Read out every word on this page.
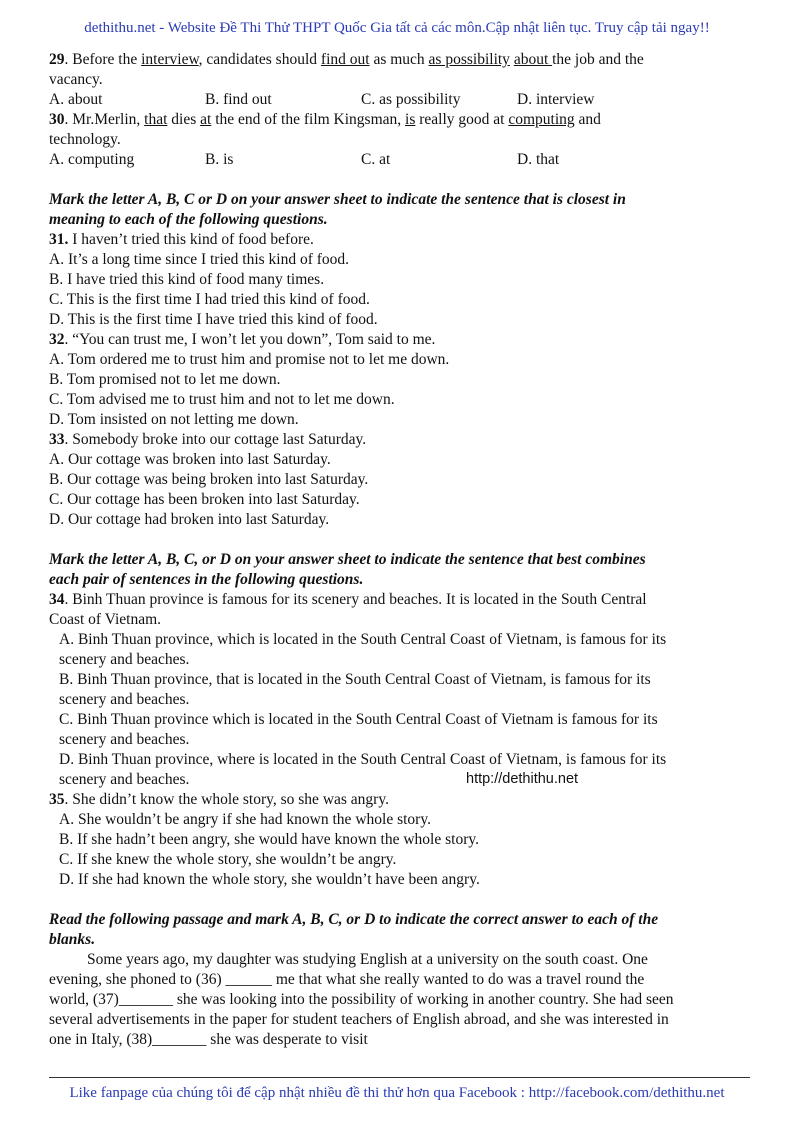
dethithu.net - Website Đề Thi Thử THPT Quốc Gia tất cả các môn.Cập nhật liên tục. Truy cập tải ngay!!
29. Before the interview, candidates should find out as much as possibility about the job and the
vacancy.
A. about	B. find out	C. as possibility	D. interview
30. Mr.Merlin, that dies at the end of the film Kingsman, is really good at computing and
technology.
A. computing	B. is	C. at	D. that
Mark the letter A, B, C or D on your answer sheet to indicate the sentence that is closest in
meaning to each of the following questions.
31. I haven’t tried this kind of food before.
A. It’s a long time since I tried this kind of food.
B. I have tried this kind of food many times.
C. This is the first time I had tried this kind of food.
D. This is the first time I have tried this kind of food.
32. “You can trust me, I won’t let you down”, Tom said to me.
A. Tom ordered me to trust him and promise not to let me down.
B. Tom promised not to let me down.
C. Tom advised me to trust him and not to let me down.
D. Tom insisted on not letting me down.
33. Somebody broke into our cottage last Saturday.
A. Our cottage was broken into last Saturday.
B. Our cottage was being broken into last Saturday.
C. Our cottage has been broken into last Saturday.
D. Our cottage had broken into last Saturday.
Mark the letter A, B, C, or D on your answer sheet to indicate the sentence that best combines
each pair of sentences in the following questions.
34. Binh Thuan province is famous for its scenery and beaches. It is located in the South Central
Coast of Vietnam.
A. Binh Thuan province, which is located in the South Central Coast of Vietnam, is famous for its
scenery and beaches.
B. Binh Thuan province, that is located in the South Central Coast of Vietnam, is famous for its
scenery and beaches.
C. Binh Thuan province which is located in the South Central Coast of Vietnam is famous for its
scenery and beaches.
D. Binh Thuan province, where is located in the South Central Coast of Vietnam, is famous for its
scenery and beaches.
35. She didn’t know the whole story, so she was angry.
A. She wouldn’t be angry if she had known the whole story.
B. If she hadn’t been angry, she would have known the whole story.
C. If she knew the whole story, she wouldn’t be angry.
D. If she had known the whole story, she wouldn’t have been angry.
Read the following passage and mark A, B, C, or D to indicate the correct answer to each of the
blanks.
Some years ago, my daughter was studying English at a university on the south coast. One
evening, she phoned to (36) ______ me that what she really wanted to do was a travel round the
world, (37)_______ she was looking into the possibility of working in another country. She had seen
several advertisements in the paper for student teachers of English abroad, and she was interested in
one in Italy, (38)_______ she was desperate to visit
http://dethithu.net
Like fanpage của chúng tôi để cập nhật nhiều đề thi thử hơn qua Facebook : http://facebook.com/dethithu.net
